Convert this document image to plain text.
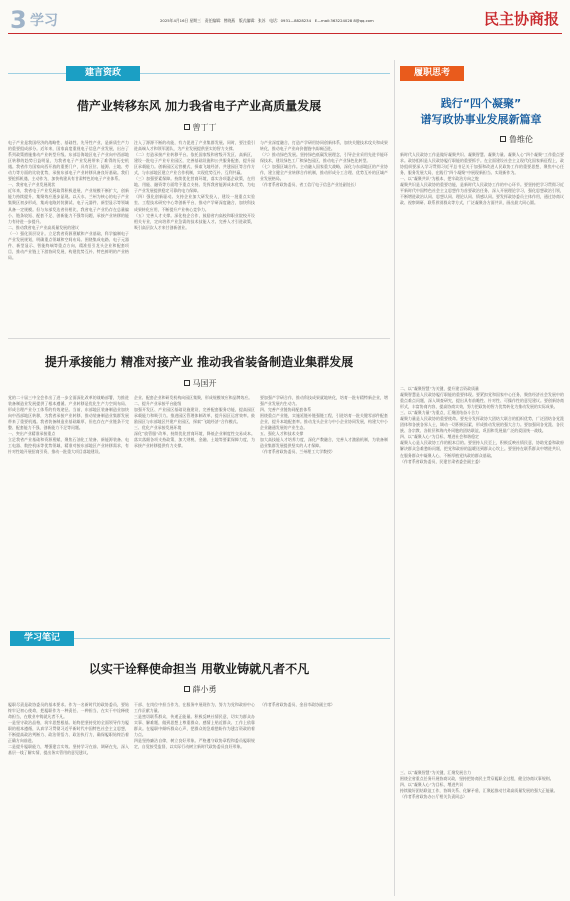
3 学习	2025年4月16日 星期三　责任编辑：曾晓燕　版式编辑：张苏　电话：0931—8828234　E—mail:363224028 8@qq.com	民主协商报
建言资政	履职思考
学习笔记
借产业转移东风 加力我省电子产业高质量发展
曾丁丁
电子产业是我国经济的战略性、基础性、先导性产业，是新质生产力的重要组成部分。近年来，国家高度重视电子信息产业发展，出台了系列政策措施推动产业转型升级。东部沿海地区电子产业向中西部地区转移的趋势日益明显，为我省电子产业发展带来了难得的历史机遇。我省作为国家向西开放的重要门户，具有区位、能源、土地、劳动力等方面的比较优势，承接东部电子产业转移具备良好基础。我们要抢抓机遇，主动作为，加快构建具有甘肃特色的电子产业体系。
一、我省电子产业发展现状
近年来，我省电子产业发展取得积极进展，产业规模不断扩大，创新能力持续提升，集聚效应逐步显现。以天水、兰州为核心的电子产业集聚区初步形成，集成电路封装测试、电子元器件、新型显示等领域具备一定规模。但与东部发达省份相比，我省电子产业仍存在总量偏小、链条较短、配套不足、创新能力不强等问题，承接产业转移的能力有待进一步提升。
二、推动我省电子产业高质量发展的建议
（一）强化顶层设计。立足我省资源禀赋和产业基础，科学编制电子产业发展规划，明确重点领域和空间布局。围绕集成电路、电子元器件、新型显示、智能终端等重点方向，精准招引龙头企业和配套项目，推动产业链上下游协同发展，构建优势互补、特色鲜明的产业格局。
注入了源源不断的动能，有力促进了产业集群发展。同时，要注重引进高端人才和领军团队，为产业发展提供坚实的智力支撑。
（二）打造承接产业转移平台。依托国家级和省级开发区、高新区，建设一批电子产业专业园区，完善基础设施和公共服务配套，提升园区承载能力。创新园区运营模式，探索飞地经济、共建园区等合作方式，与东部地区建立产业合作机制，实现优势互补、互利共赢。
（三）加强要素保障。持续优化营商环境，落实各项惠企政策，在用地、用能、融资等方面给予重点支持。发挥我省能源成本优势，为电子产业发展提供稳定可靠的电力保障。
（四）强化创新驱动。支持企业加大研发投入，建设一批重点实验室、工程技术研究中心等创新平台，推动产学研深度融合，加快科技成果转化应用，不断提升产业核心竞争力。
（五）完善人才支撑。深化校企合作，鼓励省内高校和职业院校开设相关专业，定向培养产业急需的技术技能人才。完善人才引进政策，吸引高层次人才来甘创新创业。
与产业深度融合，打造产学研用协同创新体系，加快关键技术攻关和成果转化，推动电子产业向价值链中高端迈进。
（六）推动绿色发展。坚持绿色低碳发展理念，引导企业采用先进节能环保技术，建设绿色工厂和绿色园区，推动电子产业绿色化转型。
（七）加强区域合作。主动融入国家重大战略，深化与东部地区的产业协作，建立健全产业转移合作机制，推动形成分工合理、优势互补的区域产业发展格局。
（作者系省政协委员、省工信厅电子信息产业处副处长）
提升承接能力 精准对接产业 推动我省装备制造业集群发展
马国开
党的二十届三中全会作出了进一步全面深化改革的战略部署，为推进装备制造业发展提供了根本遵循。产业转移是优化生产力空间布局、形成合理产业分工体系的有效途径。当前，东部地区装备制造业加快向中西部地区转移，为我省承接产业转移、推动装备制造业集群发展带来了重要机遇。我省装备制造业基础雄厚，但也存在产业链条不完整、配套能力不强、创新能力不足等问题。
一、突出产业精准承接重点
立足我省产业基础和资源禀赋，聚焦石油化工装备、新能源装备、电工电器、数控机床等优势领域，精准对接东部地区产业转移需求，有针对性地开展招商引资，推动一批重大项目落地建设。
企业、配套企业和研发机构向园区集聚，形成规模效应和品牌效应。
二、提升产业承接平台能级
加强开发区、产业园区基础设施建设，完善配套服务功能，提高园区承载能力和吸引力。推进园区管理体制改革，提升园区运营效率。鼓励园区与东部地区共建产业园区，探索“飞地经济”合作模式。
三、优化产业承接发展环境
深化“放管服”改革，持续优化营商环境，降低企业制度性交易成本。落实落细各项支持政策，加大财税、金融、土地等要素保障力度，为承接产业转移提供有力支撑。
要加强产学研合作，推动科技成果就地转化，培育一批专精特新企业，增强产业发展内生动力。
四、完善产业链协同配套体系
围绕重点产业链，实施延链补链强链工程，引进培育一批关键零部件配套企业，提升本地配套率。推动龙头企业与中小企业协同发展，构建大中小企业融通发展的产业生态。
五、强化人才和技术支撑
加大高技能人才培养力度，深化产教融合，完善人才激励机制，为装备制造业集群发展提供坚实的人才保障。
（作者系省政协委员、兰州理工大学教授）
以实干诠释使命担当 用敬业铸就凡者不凡
薛小勇
履职尽责是政协委员的基本要求。作为一名新时代的政协委员，要始终牢记初心使命，把履职作为一种责任、一种担当，在实干中诠释使命担当，在敬业中铸就凡者不凡。
一是坚守政治品格，筑牢思想根基。始终把坚持党的全面领导作为履职的根本遵循，认真学习贯彻习近平新时代中国特色社会主义思想，不断提高政治判断力、政治领悟力、政治执行力，确保履职始终沿着正确方向前进。
二是提升履职能力，增强建言实效。坚持学习在前、调研在先，深入基层一线了解实情，提出务实管用的意见建议。
干部、在岗位中担当作为，在服务中展现作为，努力为党和政府中心工作贡献力量。
三是密切联系群众，传递正能量。积极反映社情民意，切实为群众办实事、解难题，做到思想上尊重群众、感情上贴近群众、工作上依靠群众。在履职中倾听群众心声，把群众的急难愁盼作为建言资政的着力点。
四是坚持廉洁自律，树立良好形象。严格遵守政协章程和委员履职规定，自觉接受监督，以实际行动树立新时代政协委员良好形象。
（作者系省政协委员、金昌市政协副主席）
践行“四个凝聚”
谱写政协事业发展新篇章
鲁维伦
新时代人民政协工作是做好凝聚共识、凝聚智慧、凝聚力量、凝聚人心“四个凝聚”工作重点要求。政协组织是人民政协履行职能的重要抓手。在全面建设社会主义现代化国家新征程上，政协组织要深入学习贯彻习近平总书记关于加强和改进人民政协工作的重要思想，聚焦中心任务，服务发展大局，在践行“四个凝聚”中展现新担当、实现新作为。
一、以“凝聚共识”为根本，把牢政治方向之舵
凝聚共识是人民政协的重要功能，是新时代人民政协工作的中心环节。要坚持把学习贯彻习近平新时代中国特色社会主义思想作为首要政治任务，深入开展理论学习，强化思想政治引领，不断增进政治认同、思想认同、理论认同、情感认同。要发挥政协委员主体作用，通过协商议政、视察调研、联系界别群众等方式，广泛凝聚各方面共识，画出最大同心圆。
二、以“凝聚智慧”为关键，提升建言资政质量
凝聚智慧是人民政协履行职能的重要体现。要紧扣党和国家中心任务，聚焦经济社会发展中的重点难点问题，深入调查研究，提出具有前瞻性、针对性、可操作性的意见建议。要创新协商形式，丰富协商内容，提高协商实效，努力把政协的智力优势转化为推动发展的实际成果。
三、以“凝聚力量”为重点，汇聚团结奋斗合力
凝聚力量是人民政协的重要使命。要充分发挥政协大团结大联合的组织优势，广泛团结各党派团体和各族各界人士，调动一切积极因素，形成推动发展的强大合力。要加强同各党派、各民族、各宗教、各阶层和海内外同胞的团结联谊，巩固和发展最广泛的爱国统一战线。
四、以“凝聚人心”为目标，增进社会和谐稳定
凝聚人心是人民政协工作的根本目的。要坚持人民至上，积极反映社情民意，协助党委和政府解决群众急难愁盼问题，把党和政府的温暖送到群众心坎上。要坚持在联系群众中增进共识，在服务群众中凝聚人心，不断厚植党执政的群众基础。
（作者系省政协委员，民建甘肃省委会副主委）
三、以“凝聚智慧”为关键，汇聚发展合力
围绕全省重点任务开展协商议政，坚持把协商民主贯穿履职全过程，健全协商议事规则。
四、以“凝聚人心”为目标，增进共识
持续做好团结联谊工作，协调关系、化解矛盾，汇聚起推动甘肃高质量发展的强大正能量。
（作者系省政协办公厅相关负责同志）
